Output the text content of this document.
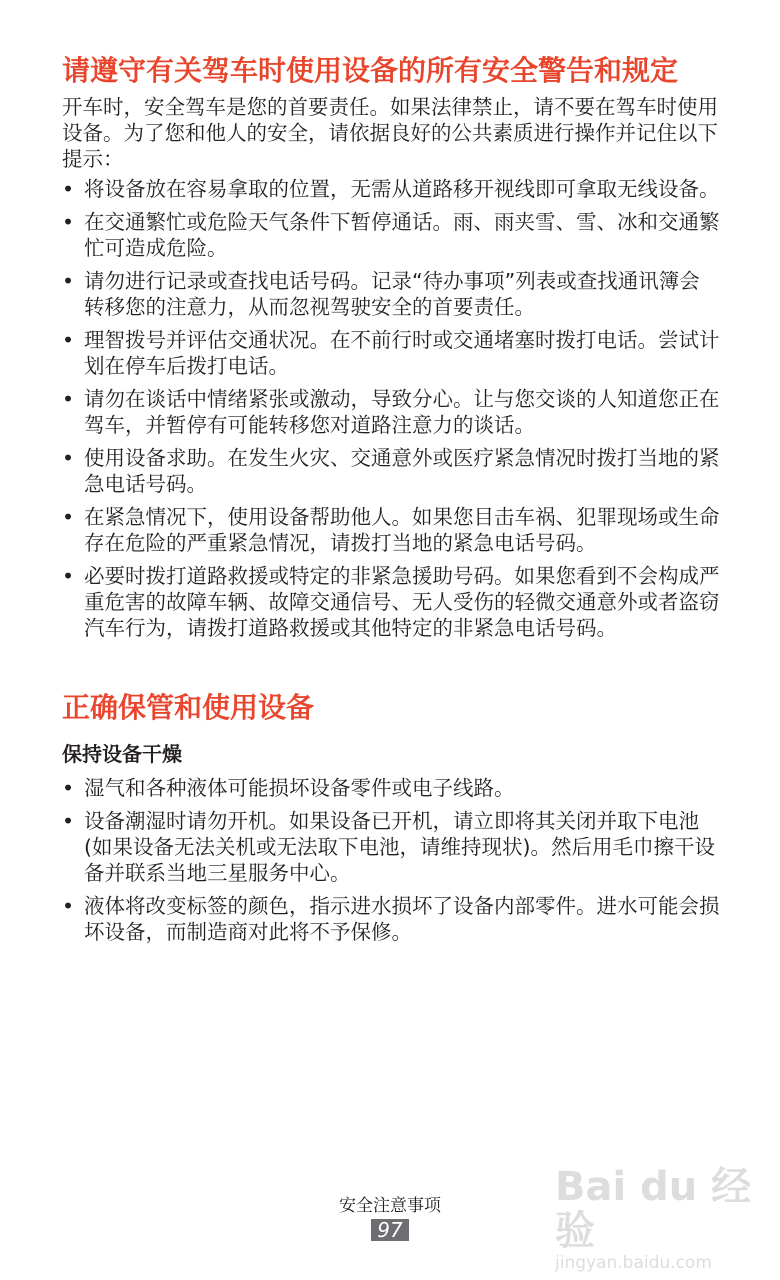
请遵守有关驾车时使用设备的所有安全警告和规定

开车时，安全驾车是您的首要责任。如果法律禁止，请不要在驾车时使用设备。为了您和他人的安全，请依据良好的公共素质进行操作并记住以下提示：

• 将设备放在容易拿取的位置，无需从道路移开视线即可拿取无线设备。
• 在交通繁忙或危险天气条件下暂停通话。雨、雨夹雪、雪、冰和交通繁忙可造成危险。
• 请勿进行记录或查找电话号码。记录“待办事项”列表或查找通讯簿会转移您的注意力，从而忽视驾驶安全的首要责任。
• 理智拨号并评估交通状况。在不前行时或交通堵塞时拨打电话。尝试计划在停车后拨打电话。
• 请勿在谈话中情绪紧张或激动，导致分心。让与您交谈的人知道您正在驾车，并暂停有可能转移您对道路注意力的谈话。
• 使用设备求助。在发生火灾、交通意外或医疗紧急情况时拨打当地的紧急电话号码。
• 在紧急情况下，使用设备帮助他人。如果您目击车祸、犯罪现场或生命存在危险的严重紧急情况，请拨打当地的紧急电话号码。
• 必要时拨打道路救援或特定的非紧急援助号码。如果您看到不会构成严重危害的故障车辆、故障交通信号、无人受伤的轻微交通意外或者盗窃汽车行为，请拨打道路救援或其他特定的非紧急电话号码。
正确保管和使用设备
保持设备干燥
• 湿气和各种液体可能损坏设备零件或电子线路。
• 设备潮湿时请勿开机。如果设备已开机，请立即将其关闭并取下电池 (如果设备无法关机或无法取下电池，请维持现状)。然后用毛巾擦干设备并联系当地三星服务中心。
• 液体将改变标签的颜色，指示进水损坏了设备内部零件。进水可能会损坏设备，而制造商对此将不予保修。
安全注意事项
97
Bai du 经验
jingyan.baidu.com
